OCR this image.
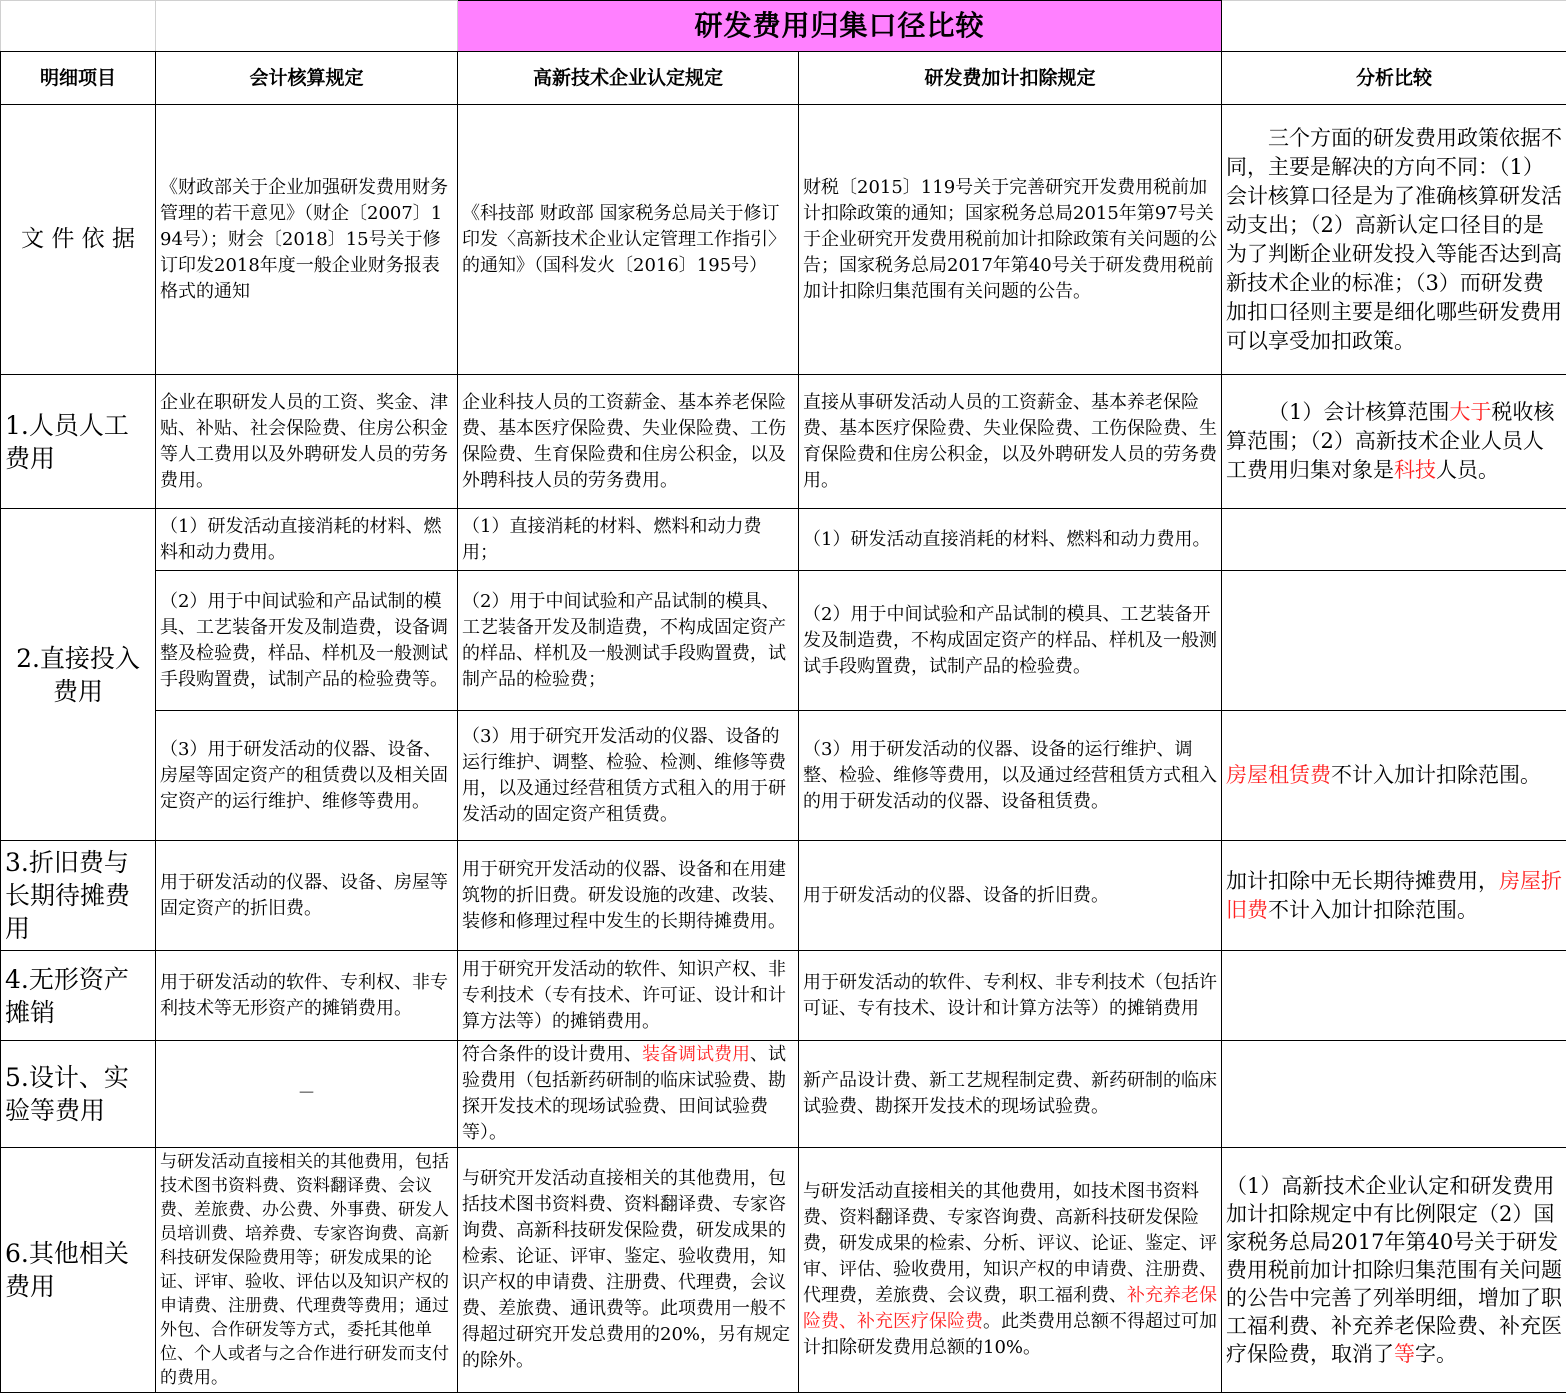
		研发费用归集口径比较		
明细项目	会计核算规定	高新技术企业认定规定	研发费加计扣除规定	分析比较
文 件 依 据	《财政部关于企业加强研发费用财务管理的若干意见》（财企〔2007〕194号）；财会〔2018〕15号关于修订印发2018年度一般企业财务报表格式的通知	《科技部 财政部 国家税务总局关于修订印发〈高新技术企业认定管理工作指引〉的通知》（国科发火〔2016〕195号）	财税〔2015〕119号关于完善研究开发费用税前加计扣除政策的通知；国家税务总局2015年第97号关于企业研究开发费用税前加计扣除政策有关问题的公告；国家税务总局2017年第40号关于研发费用税前加计扣除归集范围有关问题的公告。	三个方面的研发费用政策依据不同，主要是解决的方向不同：（1）会计核算口径是为了准确核算研发活动支出；（2）高新认定口径目的是为了判断企业研发投入等能否达到高新技术企业的标准；（3）而研发费加扣口径则主要是细化哪些研发费用可以享受加扣政策。
1.人员人工费用	企业在职研发人员的工资、奖金、津贴、补贴、社会保险费、住房公积金等人工费用以及外聘研发人员的劳务费用。	企业科技人员的工资薪金、基本养老保险费、基本医疗保险费、失业保险费、工伤保险费、生育保险费和住房公积金，以及外聘科技人员的劳务费用。	直接从事研发活动人员的工资薪金、基本养老保险费、基本医疗保险费、失业保险费、工伤保险费、生育保险费和住房公积金，以及外聘研发人员的劳务费用。	（1）会计核算范围大于税收核算范围；（2）高新技术企业人员人工费用归集对象是科技人员。
2.直接投入费用	（1）研发活动直接消耗的材料、燃料和动力费用。	（1）直接消耗的材料、燃料和动力费用；	（1）研发活动直接消耗的材料、燃料和动力费用。	
	（2）用于中间试验和产品试制的模具、工艺装备开发及制造费，设备调整及检验费，样品、样机及一般测试手段购置费，试制产品的检验费等。	（2）用于中间试验和产品试制的模具、工艺装备开发及制造费，不构成固定资产的样品、样机及一般测试手段购置费，试制产品的检验费；	（2）用于中间试验和产品试制的模具、工艺装备开发及制造费，不构成固定资产的样品、样机及一般测试手段购置费，试制产品的检验费。	
	（3）用于研发活动的仪器、设备、房屋等固定资产的租赁费以及相关固定资产的运行维护、维修等费用。	（3）用于研究开发活动的仪器、设备的运行维护、调整、检验、检测、维修等费用，以及通过经营租赁方式租入的用于研发活动的固定资产租赁费。	（3）用于研发活动的仪器、设备的运行维护、调整、检验、维修等费用，以及通过经营租赁方式租入的用于研发活动的仪器、设备租赁费。	房屋租赁费不计入加计扣除范围。
3.折旧费与长期待摊费用	用于研发活动的仪器、设备、房屋等固定资产的折旧费。	用于研究开发活动的仪器、设备和在用建筑物的折旧费。研发设施的改建、改装、装修和修理过程中发生的长期待摊费用。	用于研发活动的仪器、设备的折旧费。	加计扣除中无长期待摊费用，房屋折旧费不计入加计扣除范围。
4.无形资产摊销	用于研发活动的软件、专利权、非专利技术等无形资产的摊销费用。	用于研究开发活动的软件、知识产权、非专利技术（专有技术、许可证、设计和计算方法等）的摊销费用。	用于研发活动的软件、专利权、非专利技术（包括许可证、专有技术、设计和计算方法等）的摊销费用	
5.设计、实验等费用	－	符合条件的设计费用、装备调试费用、试验费用（包括新药研制的临床试验费、勘探开发技术的现场试验费、田间试验费等）。	新产品设计费、新工艺规程制定费、新药研制的临床试验费、勘探开发技术的现场试验费。	
6.其他相关费用	与研发活动直接相关的其他费用，包括技术图书资料费、资料翻译费、会议费、差旅费、办公费、外事费、研发人员培训费、培养费、专家咨询费、高新科技研发保险费用等；研发成果的论证、评审、验收、评估以及知识产权的申请费、注册费、代理费等费用；通过外包、合作研发等方式，委托其他单位、个人或者与之合作进行研发而支付的费用。	与研究开发活动直接相关的其他费用，包括技术图书资料费、资料翻译费、专家咨询费、高新科技研发保险费，研发成果的检索、论证、评审、鉴定、验收费用，知识产权的申请费、注册费、代理费，会议费、差旅费、通讯费等。此项费用一般不得超过研究开发总费用的20%，另有规定的除外。	与研发活动直接相关的其他费用，如技术图书资料费、资料翻译费、专家咨询费、高新科技研发保险费，研发成果的检索、分析、评议、论证、鉴定、评审、评估、验收费用，知识产权的申请费、注册费、代理费，差旅费、会议费，职工福利费、补充养老保险费、补充医疗保险费。此类费用总额不得超过可加计扣除研发费用总额的10%。	（1）高新技术企业认定和研发费用加计扣除规定中有比例限定（2）国家税务总局2017年第40号关于研发费用税前加计扣除归集范围有关问题的公告中完善了列举明细，增加了职工福利费、补充养老保险费、补充医疗保险费，取消了等字。
